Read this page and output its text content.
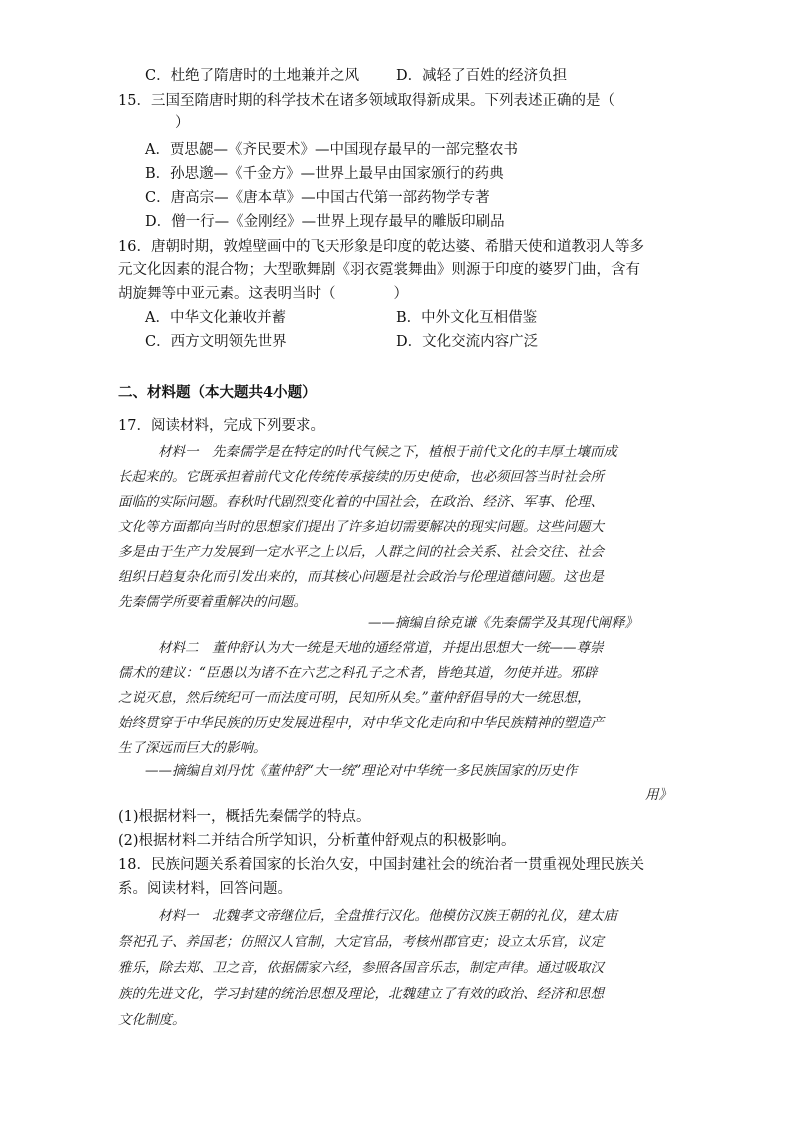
C．杜绝了隋唐时的土地兼并之风	D．减轻了百姓的经济负担
15．三国至隋唐时期的科学技术在诸多领域取得新成果。下列表述正确的是（
）
A．贾思勰—《齐民要术》—中国现存最早的一部完整农书
B．孙思邈—《千金方》—世界上最早由国家颁行的药典
C．唐高宗—《唐本草》—中国古代第一部药物学专著
D．僧一行—《金刚经》—世界上现存最早的雕版印刷品
16．唐朝时期，敦煌壁画中的飞天形象是印度的乾达婆、希腊天使和道教羽人等多
元文化因素的混合物；大型歌舞剧《羽衣霓裳舞曲》则源于印度的婆罗门曲，含有
胡旋舞等中亚元素。这表明当时（　　　　）
A．中华文化兼收并蓄	B．中外文化互相借鉴
C．西方文明领先世界	D．文化交流内容广泛
二、材料题（本大题共4小题）
17．阅读材料，完成下列要求。
材料一　先秦儒学是在特定的时代气候之下，植根于前代文化的丰厚土壤而成
长起来的。它既承担着前代文化传统传承接续的历史使命，也必须回答当时社会所
面临的实际问题。春秋时代剧烈变化着的中国社会，在政治、经济、军事、伦理、
文化等方面都向当时的思想家们提出了许多迫切需要解决的现实问题。这些问题大
多是由于生产力发展到一定水平之上以后，人群之间的社会关系、社会交往、社会
组织日趋复杂化而引发出来的，而其核心问题是社会政治与伦理道德问题。这也是
先秦儒学所要着重解决的问题。
——摘编自徐克谦《先秦儒学及其现代阐释》
材料二　董仲舒认为大一统是天地的通经常道，并提出思想大一统——尊崇
儒术的建议：“臣愚以为诸不在六艺之科孔子之术者，皆绝其道，勿使并进。邪辟
之说灭息，然后统纪可一而法度可明，民知所从矣。”董仲舒倡导的大一统思想，
始终贯穿于中华民族的历史发展进程中，对中华文化走向和中华民族精神的塑造产
生了深远而巨大的影响。
——摘编自刘丹忱《董仲舒“大一统”理论对中华统一多民族国家的历史作
用》
(1)根据材料一，概括先秦儒学的特点。
(2)根据材料二并结合所学知识，分析董仲舒观点的积极影响。
18．民族问题关系着国家的长治久安，中国封建社会的统治者一贯重视处理民族关
系。阅读材料，回答问题。
材料一　北魏孝文帝继位后，全盘推行汉化。他模仿汉族王朝的礼仪，建太庙
祭祀孔子、养国老；仿照汉人官制，大定官品，考核州郡官吏；设立太乐官，议定
雅乐，除去郑、卫之音，依据儒家六经，参照各国音乐志，制定声律。通过吸取汉
族的先进文化，学习封建的统治思想及理论，北魏建立了有效的政治、经济和思想
文化制度。
